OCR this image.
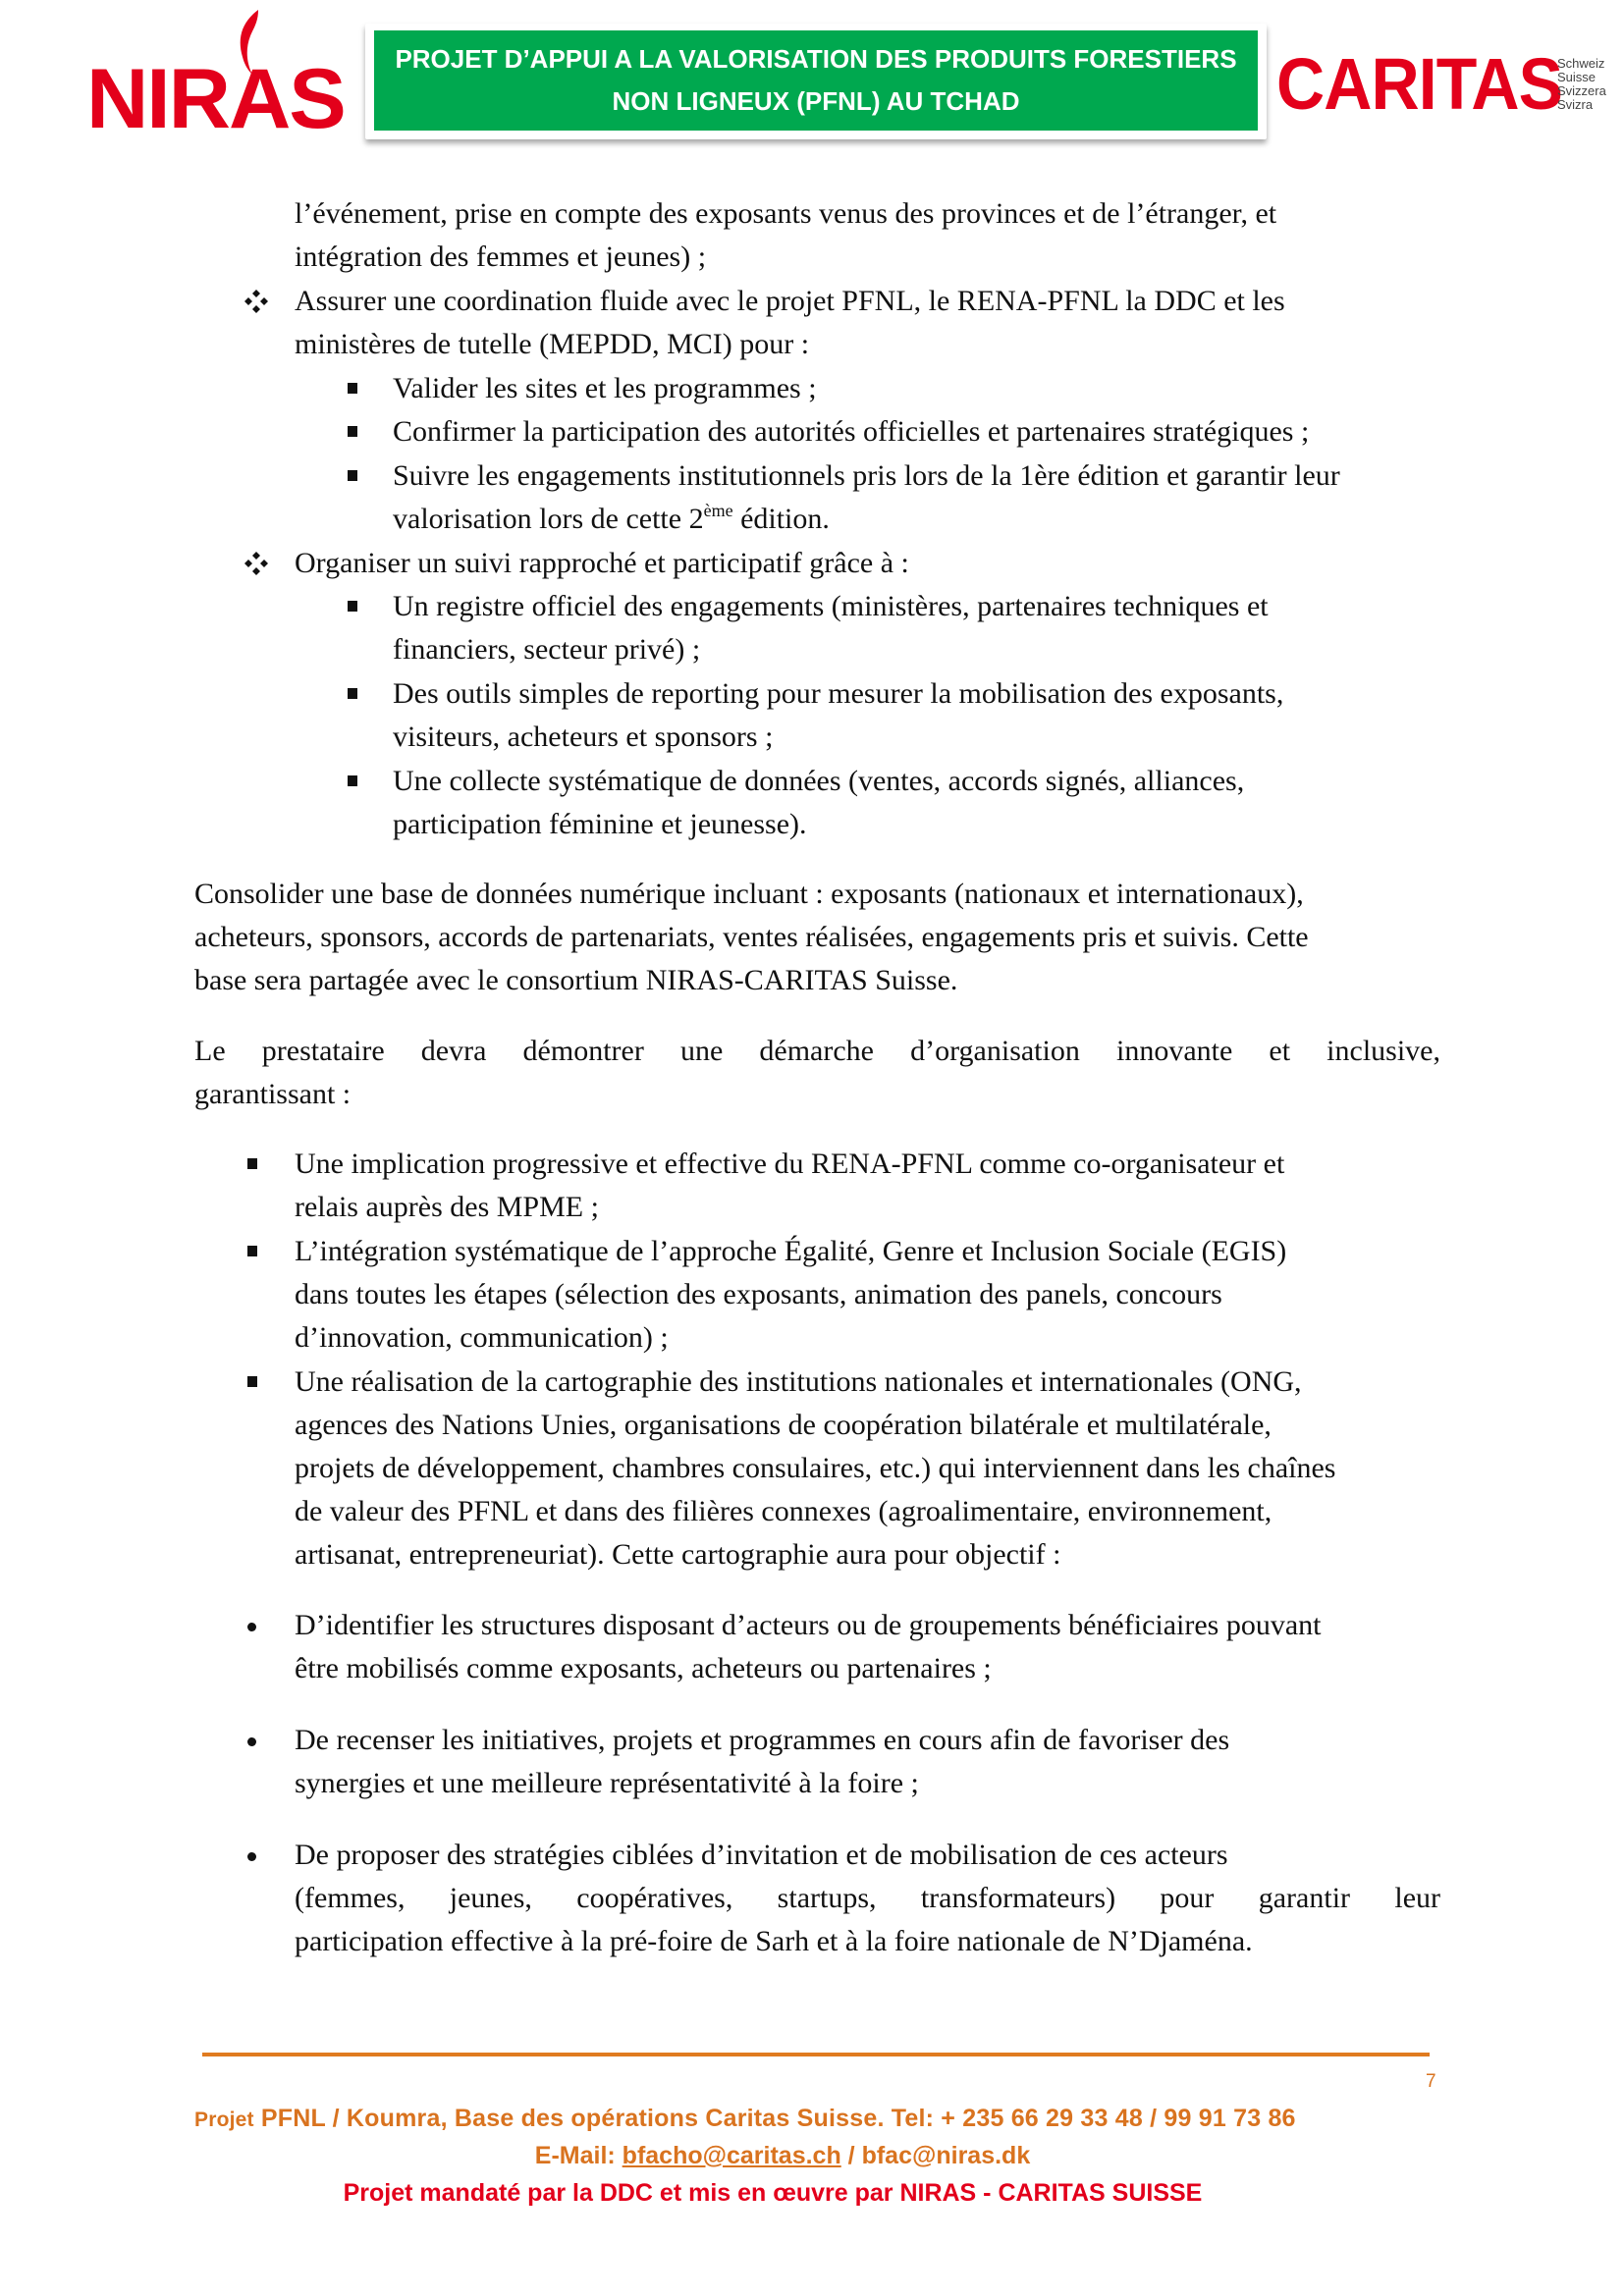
NIRAS	PROJET D’APPUI A LA VALORISATION DES PRODUITS FORESTIERS
NON LIGNEUX (PFNL) AU TCHAD	CARITAS
Schweiz
Suisse
Svizzera
Svizra
l’événement, prise en compte des exposants venus des provinces et de l’étranger, et
intégration des femmes et jeunes) ;
Assurer une coordination fluide avec le projet PFNL, le RENA-PFNL la DDC et les
ministères de tutelle (MEPDD, MCI) pour :
Valider les sites et les programmes ;
Confirmer la participation des autorités officielles et partenaires stratégiques ;
Suivre les engagements institutionnels pris lors de la 1ère édition et garantir leur
valorisation lors de cette 2ème édition.
Organiser un suivi rapproché et participatif grâce à :
Un registre officiel des engagements (ministères, partenaires techniques et
financiers, secteur privé) ;
Des outils simples de reporting pour mesurer la mobilisation des exposants,
visiteurs, acheteurs et sponsors ;
Une collecte systématique de données (ventes, accords signés, alliances,
participation féminine et jeunesse).
Consolider une base de données numérique incluant : exposants (nationaux et internationaux),
acheteurs, sponsors, accords de partenariats, ventes réalisées, engagements pris et suivis. Cette
base sera partagée avec le consortium NIRAS-CARITAS Suisse.
Le prestataire devra démontrer une démarche d’organisation innovante et inclusive,
garantissant :
Une implication progressive et effective du RENA-PFNL comme co-organisateur et
relais auprès des MPME ;
L’intégration systématique de l’approche Égalité, Genre et Inclusion Sociale (EGIS)
dans toutes les étapes (sélection des exposants, animation des panels, concours
d’innovation, communication) ;
Une réalisation de la cartographie des institutions nationales et internationales (ONG,
agences des Nations Unies, organisations de coopération bilatérale et multilatérale,
projets de développement, chambres consulaires, etc.) qui interviennent dans les chaînes
de valeur des PFNL et dans des filières connexes (agroalimentaire, environnement,
artisanat, entrepreneuriat). Cette cartographie aura pour objectif :
D’identifier les structures disposant d’acteurs ou de groupements bénéficiaires pouvant
être mobilisés comme exposants, acheteurs ou partenaires ;
De recenser les initiatives, projets et programmes en cours afin de favoriser des
synergies et une meilleure représentativité à la foire ;
De proposer des stratégies ciblées d’invitation et de mobilisation de ces acteurs
(femmes, jeunes, coopératives, startups, transformateurs) pour garantir leur
participation effective à la pré-foire de Sarh et à la foire nationale de N’Djaména.
7
Projet PFNL / Koumra, Base des opérations Caritas Suisse. Tel: + 235 66 29 33 48 / 99 91 73 86
E-Mail: bfacho@caritas.ch / bfac@niras.dk
Projet mandaté par la DDC et mis en œuvre par NIRAS - CARITAS SUISSE
